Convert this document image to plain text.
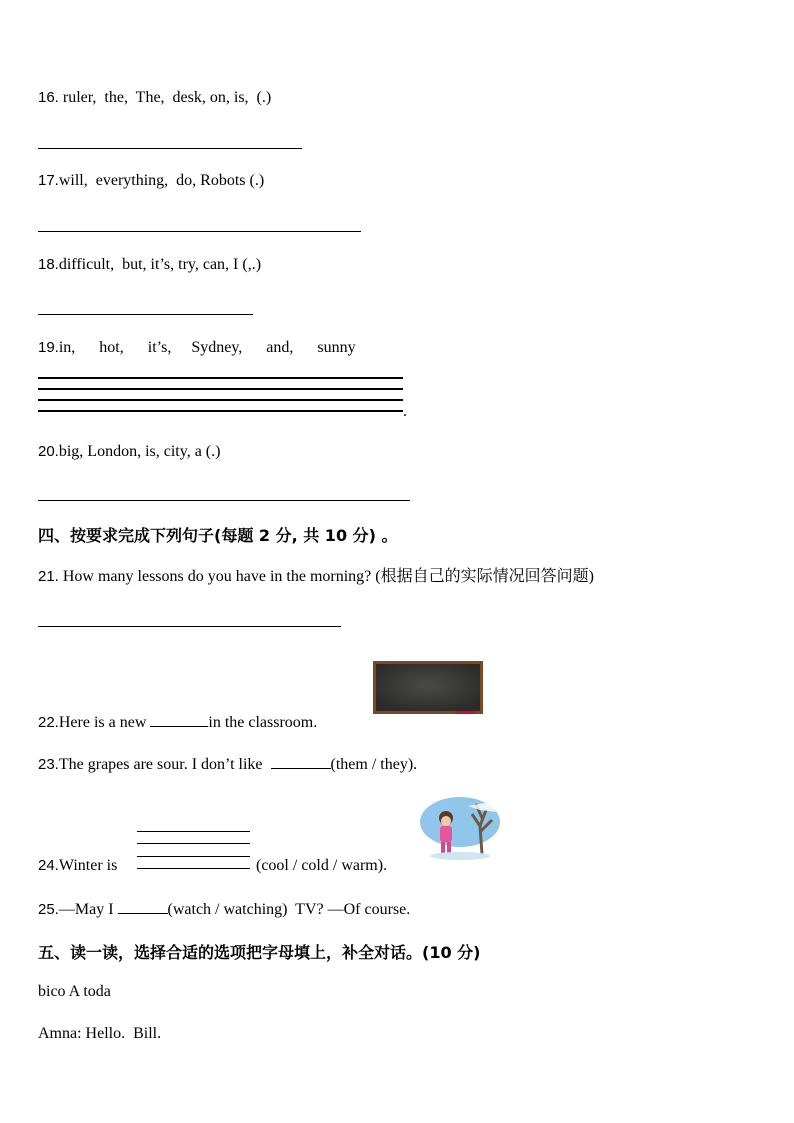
16. ruler,  the,  The,  desk, on, is,  (.)
17.will,  everything,  do, Robots (.)
18.difficult,  but, it’s, try, can, I (,.)
19.in,      hot,      it’s,     Sydney,      and,      sunny
.
20.big, London, is, city, a (.)
四、按要求完成下列句子(每题 2 分, 共 10 分) 。
21. How many lessons do you have in the morning? (根据自己的实际情况回答问题)
22.Here is a new	in the classroom.
23.The grapes are sour. I don’t like	(them / they).
24.Winter is	(cool / cold / warm).
25.—May I	(watch / watching)  TV? —Of course.
五、读一读，选择合适的选项把字母填上，补全对话。(10 分)
bico A toda
Amna: Hello.  Bill.
